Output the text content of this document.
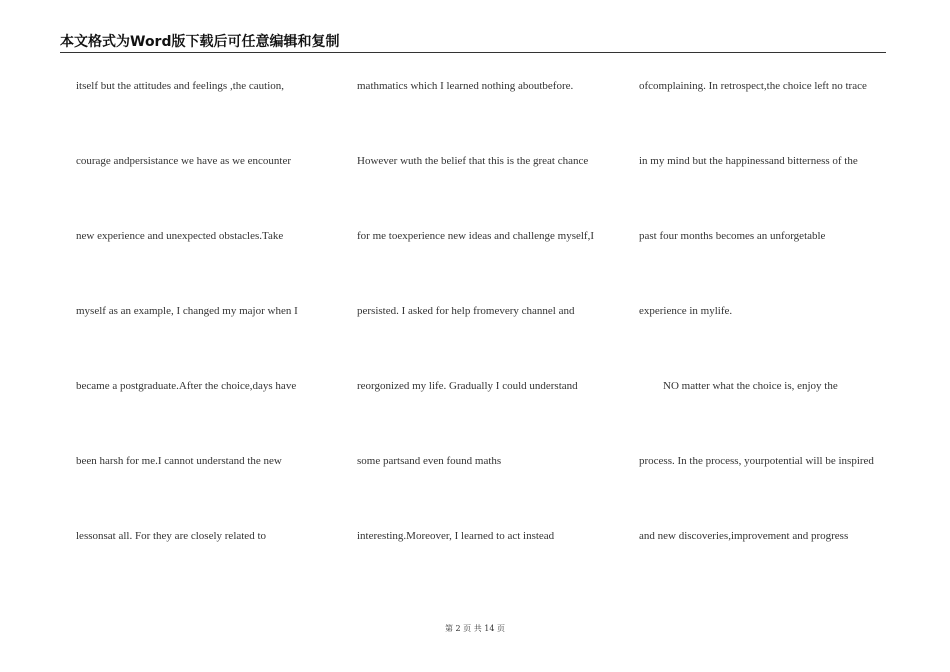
本文格式为Word版下载后可任意编辑和复制
itself but the attitudes and feelings ,the caution,
courage andpersistance we have as we encounter
new experience and unexpected obstacles.Take
myself as an example, I changed my major when I
became a postgraduate.After the choice,days have
been harsh for me.I cannot understand the new
lessonsat all. For they are closely related to
mathmatics which I learned nothing aboutbefore.
However wuth the belief that this is the great chance
for me toexperience new ideas and challenge myself,I
persisted. I asked for help fromevery channel and
reorgonized my life. Gradually I could understand
some partsand even found maths
interesting.Moreover, I learned to act instead
ofcomplaining. In retrospect,the choice left no trace
in my mind but the happinessand bitterness of the
past four months becomes an unforgetable
experience in mylife.
NO matter what the choice is, enjoy the
process. In the process, yourpotential will be inspired
and new discoveries,improvement and progress
第 2 页 共 14 页
